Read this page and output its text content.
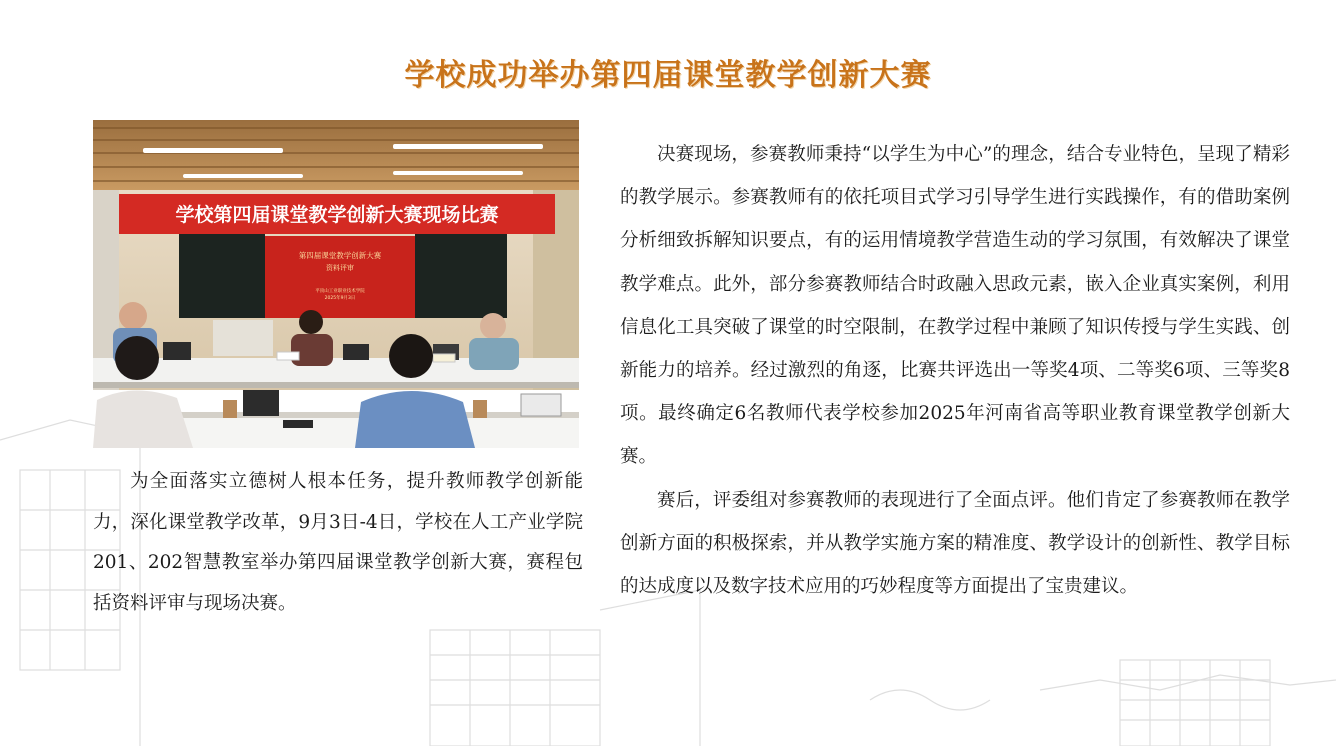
学校成功举办第四届课堂教学创新大赛
学校第四届课堂教学创新大赛现场比赛
第四届课堂教学创新大赛
资料评审
平顶山工业职业技术学院
2025年9月3日

为全面落实立德树人根本任务，提升教师教学创新能力，深化课堂教学改革，9月3日-4日，学校在人工产业学院201、202智慧教室举办第四届课堂教学创新大赛，赛程包括资料评审与现场决赛。

决赛现场，参赛教师秉持“以学生为中心”的理念，结合专业特色，呈现了精彩的教学展示。参赛教师有的依托项目式学习引导学生进行实践操作，有的借助案例分析细致拆解知识要点，有的运用情境教学营造生动的学习氛围，有效解决了课堂教学难点。此外，部分参赛教师结合时政融入思政元素，嵌入企业真实案例，利用信息化工具突破了课堂的时空限制，在教学过程中兼顾了知识传授与学生实践、创新能力的培养。经过激烈的角逐，比赛共评选出一等奖4项、二等奖6项、三等奖8项。最终确定6名教师代表学校参加2025年河南省高等职业教育课堂教学创新大赛。

赛后，评委组对参赛教师的表现进行了全面点评。他们肯定了参赛教师在教学创新方面的积极探索，并从教学实施方案的精准度、教学设计的创新性、教学目标的达成度以及数字技术应用的巧妙程度等方面提出了宝贵建议。
